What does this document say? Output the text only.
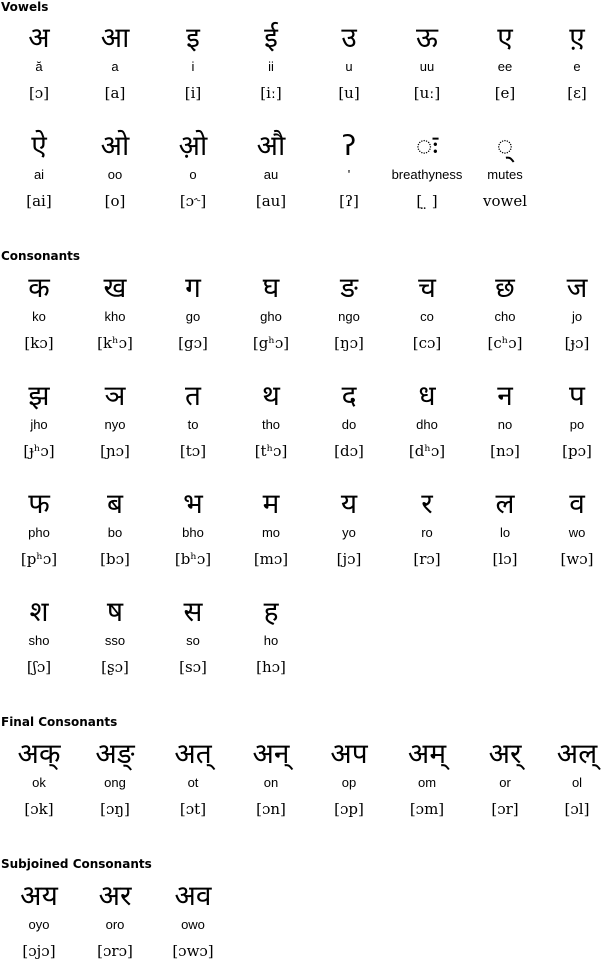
Vowels
Consonants
Final Consonants
Subjoined Consonants
अ
ă
[ɔ]
आ
a
[a]
इ
i
[i]
ई
ii
[iː]
उ
u
[u]
ऊ
uu
[uː]
ए
ee
[e]
ए़
e
[ɛ]
ऐ
ai
[ai]
ओ
oo
[o]
ओ़
o
[ɔ˞]
औ
au
[au]
ʔ
'
[ʔ]
◌ः
breathyness
[ ̤ ]
◌्
mutes
vowel
क
ko
[kɔ]
ख
kho
[kʰɔ]
ग
go
[gɔ]
घ
gho
[gʰɔ]
ङ
ngo
[ŋɔ]
च
co
[cɔ]
छ
cho
[cʰɔ]
ज
jo
[ɟɔ]
झ
jho
[ɟʰɔ]
ञ
nyo
[ɲɔ]
त
to
[tɔ]
थ
tho
[tʰɔ]
द
do
[dɔ]
ध
dho
[dʰɔ]
न
no
[nɔ]
प
po
[pɔ]
फ
pho
[pʰɔ]
ब
bo
[bɔ]
भ
bho
[bʰɔ]
म
mo
[mɔ]
य
yo
[jɔ]
र
ro
[rɔ]
ल
lo
[lɔ]
व
wo
[wɔ]
श
sho
[ʃɔ]
ष
sso
[ʂɔ]
स
so
[sɔ]
ह
ho
[hɔ]
अक्
ok
[ɔk]
अङ्
ong
[ɔŋ]
अत्
ot
[ɔt]
अन्
on
[ɔn]
अप
op
[ɔp]
अम्
om
[ɔm]
अर्
or
[ɔr]
अल्
ol
[ɔl]
अय
oyo
[ɔjɔ]
अर
oro
[ɔrɔ]
अव
owo
[ɔwɔ]
